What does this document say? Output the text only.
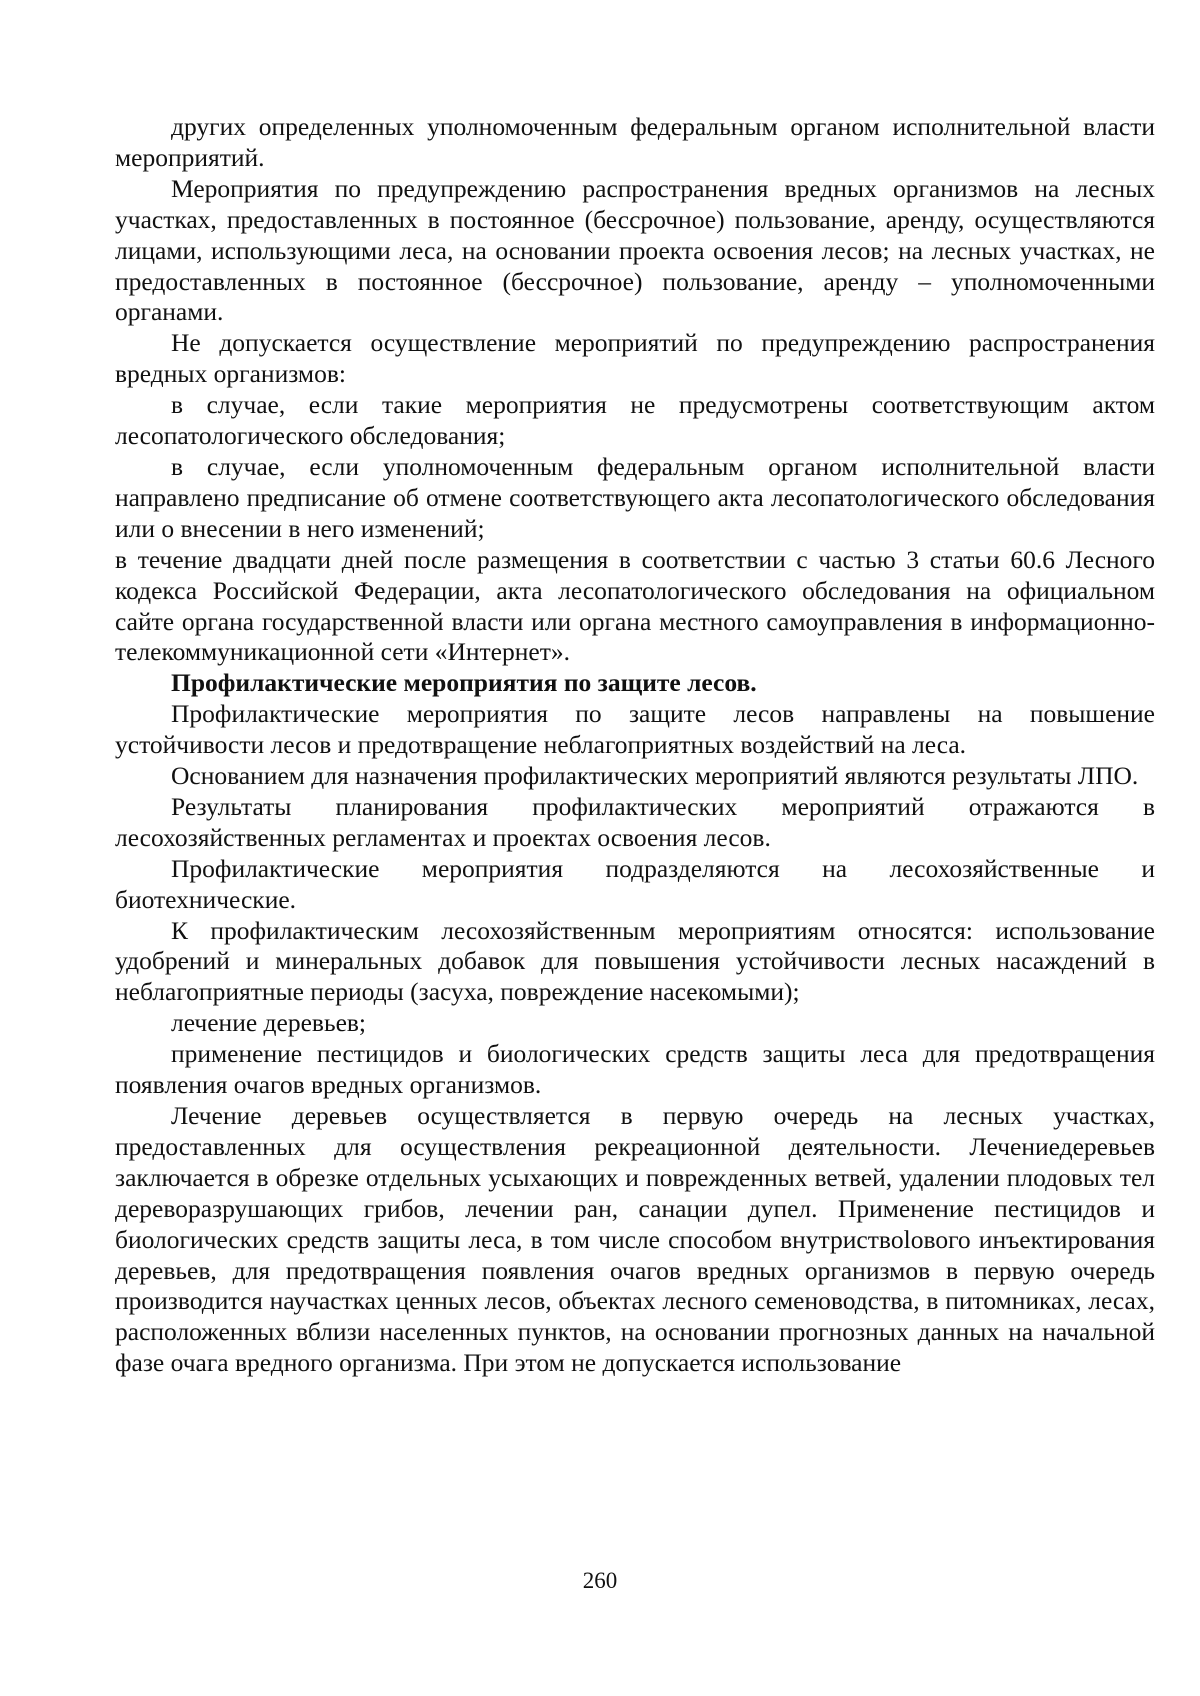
других определенных уполномоченным федеральным органом исполнительной власти мероприятий.

Мероприятия по предупреждению распространения вредных организмов на лесных участках, предоставленных в постоянное (бессрочное) пользование, аренду, осуществляются лицами, использующими леса, на основании проекта освоения лесов; на лесных участках, не предоставленных в постоянное (бессрочное) пользование, аренду – уполномоченными органами.

Не допускается осуществление мероприятий по предупреждению распространения вредных организмов:

в случае, если такие мероприятия не предусмотрены соответствующим актом лесопатологического обследования;

в случае, если уполномоченным федеральным органом исполнительной власти направлено предписание об отмене соответствующего акта лесопатологического обследования или о внесении в него изменений;

в течение двадцати дней после размещения в соответствии с частью 3 статьи 60.6 Лесного кодекса Российской Федерации, акта лесопатологического обследования на официальном сайте органа государственной власти или органа местного самоуправления в информационно-телекоммуникационной сети «Интернет».

Профилактические мероприятия по защите лесов.

Профилактические мероприятия по защите лесов направлены на повышение устойчивости лесов и предотвращение неблагоприятных воздействий на леса.

Основанием для назначения профилактических мероприятий являются результаты ЛПО.

Результаты планирования профилактических мероприятий отражаются в лесохозяйственных регламентах и проектах освоения лесов.

Профилактические мероприятия подразделяются на лесохозяйственные и биотехнические.

К профилактическим лесохозяйственным мероприятиям относятся: использование удобрений и минеральных добавок для повышения устойчивости лесных насаждений в неблагоприятные периоды (засуха, повреждение насекомыми);

лечение деревьев;

применение пестицидов и биологических средств защиты леса для предотвращения появления очагов вредных организмов.

Лечение деревьев осуществляется в первую очередь на лесных участках, предоставленных для осуществления рекреационной деятельности. Лечениедеревьев заключается в обрезке отдельных усыхающих и поврежденных ветвей, удалении плодовых тел дереворазрушающих грибов, лечении ран, санации дупел. Применение пестицидов и биологических средств защиты леса, в том числе способом внутриствolового инъектирования деревьев, для предотвращения появления очагов вредных организмов в первую очередь производится научастках ценных лесов, объектах лесного семеноводства, в питомниках, лесах, расположенных вблизи населенных пунктов, на основании прогнозных данных на начальной фазе очага вредного организма. При этом не допускается использование

260
